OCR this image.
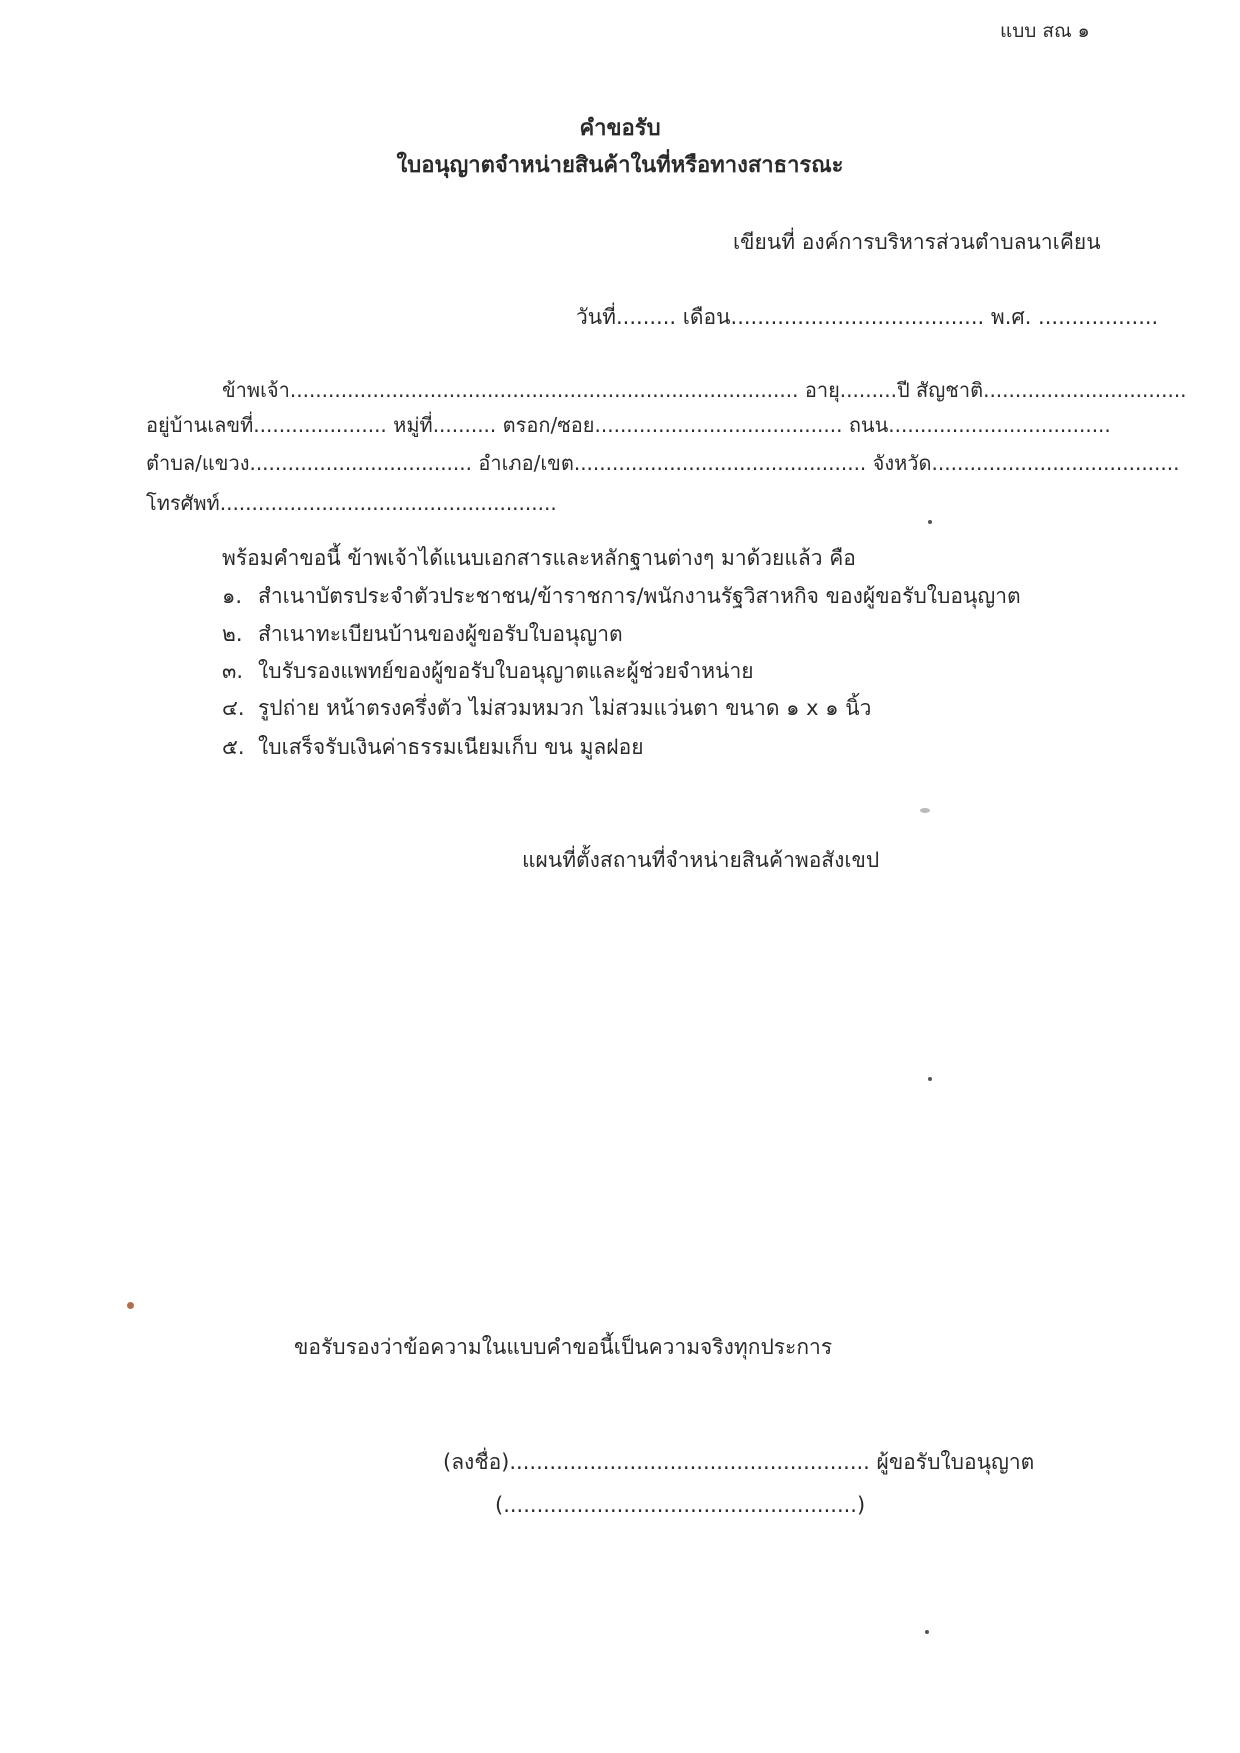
แบบ สณ ๑
คำขอรับ
ใบอนุญาตจำหน่ายสินค้าในที่หรือทางสาธารณะ
เขียนที่ องค์การบริหารส่วนตำบลนาเคียน
วันที่......... เดือน...................................... พ.ศ. ..................
ข้าพเจ้า................................................................................ อายุ.........ปี สัญชาติ................................
อยู่บ้านเลขที่..................... หมู่ที่.......... ตรอก/ซอย....................................... ถนน...................................
ตำบล/แขวง................................... อำเภอ/เขต.............................................. จังหวัด.......................................
โทรศัพท์.....................................................
พร้อมคำขอนี้ ข้าพเจ้าได้แนบเอกสารและหลักฐานต่างๆ มาด้วยแล้ว คือ
๑. สำเนาบัตรประจำตัวประชาชน/ข้าราชการ/พนักงานรัฐวิสาหกิจ ของผู้ขอรับใบอนุญาต
๒. สำเนาทะเบียนบ้านของผู้ขอรับใบอนุญาต
๓. ใบรับรองแพทย์ของผู้ขอรับใบอนุญาตและผู้ช่วยจำหน่าย
๔. รูปถ่าย หน้าตรงครึ่งตัว ไม่สวมหมวก ไม่สวมแว่นตา ขนาด ๑ x ๑ นิ้ว
๕. ใบเสร็จรับเงินค่าธรรมเนียมเก็บ ขน มูลฝอย
แผนที่ตั้งสถานที่จำหน่ายสินค้าพอสังเขป
ขอรับรองว่าข้อความในแบบคำขอนี้เป็นความจริงทุกประการ
(ลงชื่อ)...................................................... ผู้ขอรับใบอนุญาต
(.....................................................)
